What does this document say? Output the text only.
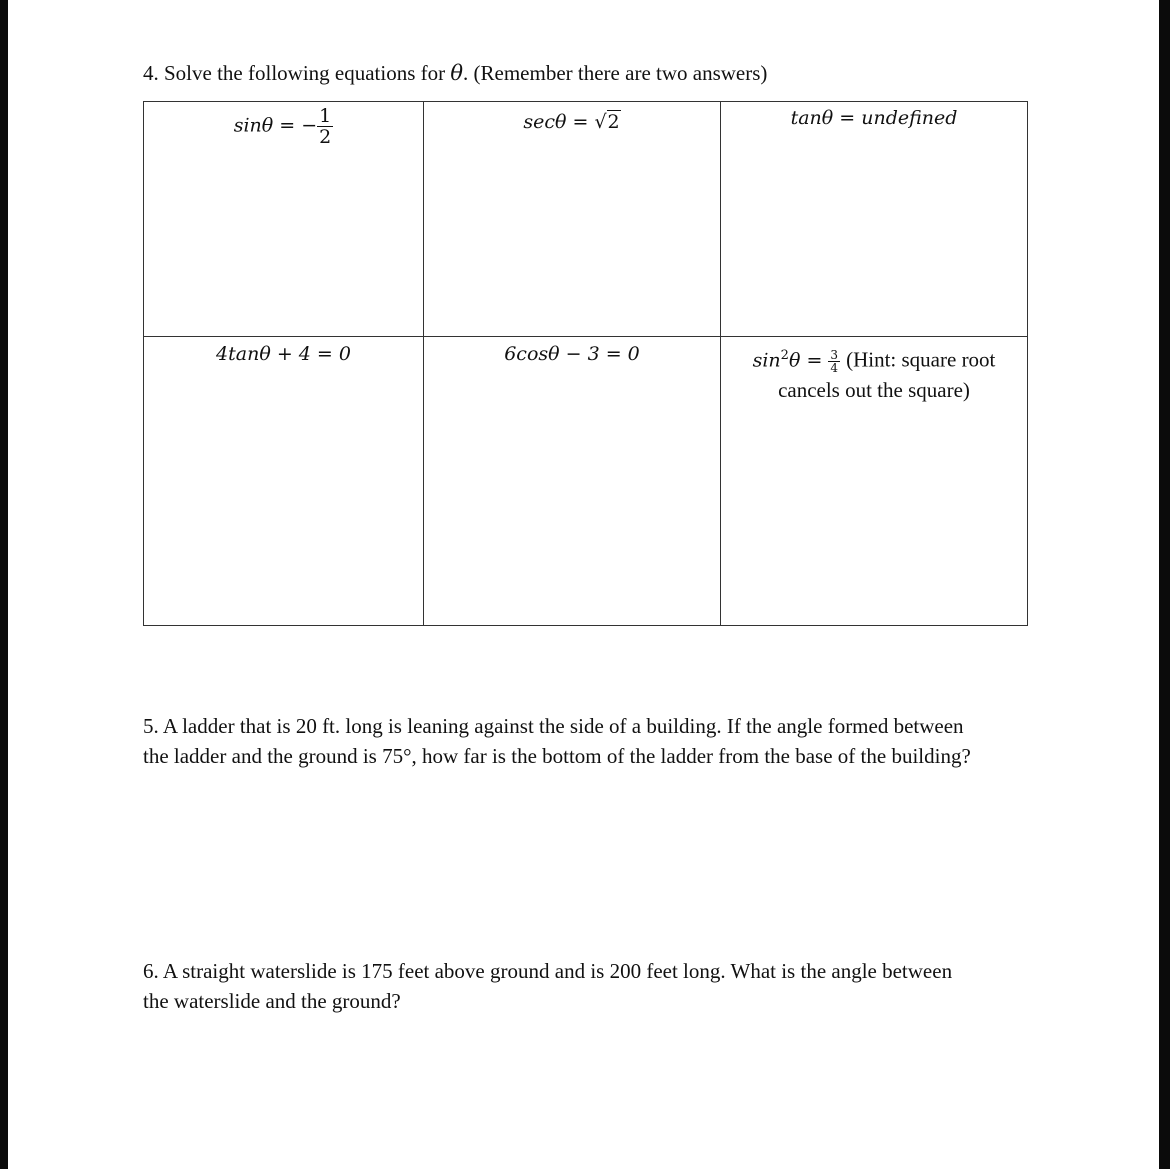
4. Solve the following equations for θ. (Remember there are two answers)
sinθ = − $\frac{1}{2}$	secθ = √2	tanθ = undefined
4tanθ + 4 = 0	6cosθ − 3 = 0	$\sin^2\theta = \frac{3}{4}$ (Hint: square root
cancels out the square)
5. A ladder that is 20 ft. long is leaning against the side of a building. If the angle formed between
the ladder and the ground is 75°, how far is the bottom of the ladder from the base of the building?
6. A straight waterslide is 175 feet above ground and is 200 feet long. What is the angle between
the waterslide and the ground?
